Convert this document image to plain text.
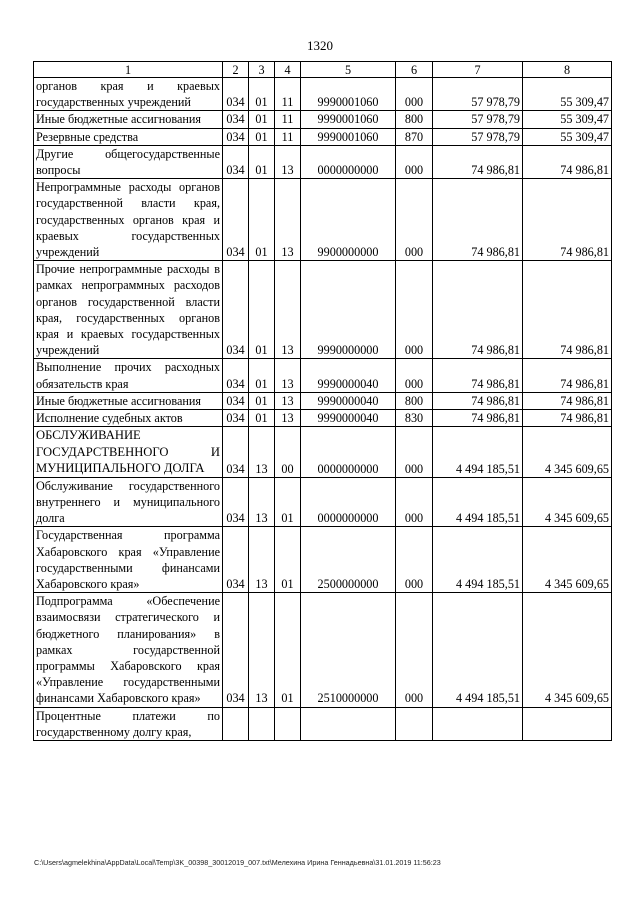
1320
1	2	3	4	5	6	7	8
органов края и краевых государственных учреждений	034	01	11	9990001060	000	57 978,79	55 309,47
Иные бюджетные ассигнования	034	01	11	9990001060	800	57 978,79	55 309,47
Резервные средства	034	01	11	9990001060	870	57 978,79	55 309,47
Другие общегосударственные вопросы	034	01	13	0000000000	000	74 986,81	74 986,81
Непрограммные расходы органов государственной власти края, государственных органов края и краевых государственных учреждений	034	01	13	9900000000	000	74 986,81	74 986,81
Прочие непрограммные расходы в рамках непрограммных расходов органов государственной власти края, государственных органов края и краевых государственных учреждений	034	01	13	9990000000	000	74 986,81	74 986,81
Выполнение прочих расходных обязательств края	034	01	13	9990000040	000	74 986,81	74 986,81
Иные бюджетные ассигнования	034	01	13	9990000040	800	74 986,81	74 986,81
Исполнение судебных актов	034	01	13	9990000040	830	74 986,81	74 986,81
ОБСЛУЖИВАНИЕ ГОСУДАРСТВЕННОГО И МУНИЦИПАЛЬНОГО ДОЛГА	034	13	00	0000000000	000	4 494 185,51	4 345 609,65
Обслуживание государственного внутреннего и муниципального долга	034	13	01	0000000000	000	4 494 185,51	4 345 609,65
Государственная программа Хабаровского края «Управление государственными финансами Хабаровского края»	034	13	01	2500000000	000	4 494 185,51	4 345 609,65
Подпрограмма «Обеспечение взаимосвязи стратегического и бюджетного планирования» в рамках государственной программы Хабаровского края «Управление государственными финансами Хабаровского края»	034	13	01	2510000000	000	4 494 185,51	4 345 609,65
Процентные платежи по государственному долгу края,							
C:\Users\agmelekhina\AppData\Local\Temp\3K_00398_30012019_007.txt\Мелехина Ирина Геннадьевна\31.01.2019 11:56:23
